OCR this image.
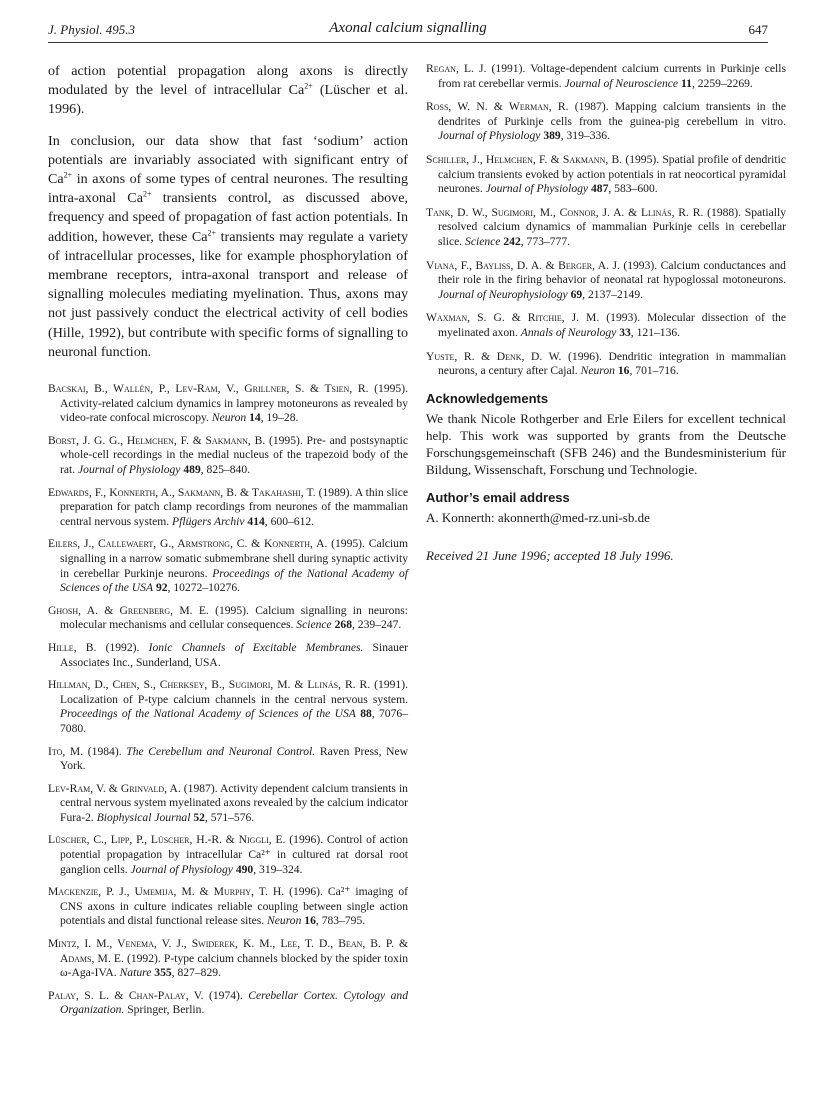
J. Physiol. 495.3	Axonal calcium signalling	647

of action potential propagation along axons is directly modulated by the level of intracellular $Ca^{2+}$ (Lüscher et al. 1996).

In conclusion, our data show that fast ‘sodium’ action potentials are invariably associated with significant entry of $Ca^{2+}$ in axons of some types of central neurones. The resulting intra-axonal $Ca^{2+}$ transients control, as discussed above, frequency and speed of propagation of fast action potentials. In addition, however, these $Ca^{2+}$ transients may regulate a variety of intracellular processes, like for example phosphorylation of membrane receptors, intra-axonal transport and release of signalling molecules mediating myelination. Thus, axons may not just passively conduct the electrical activity of cell bodies (Hille, 1992), but contribute with specific forms of signalling to neuronal function.

Bacskai, B., Wallén, P., Lev-Ram, V., Grillner, S. & Tsien, R. (1995). Activity-related calcium dynamics in lamprey motoneurons as revealed by video-rate confocal microscopy. Neuron 14, 19–28.

Borst, J. G. G., Helmchen, F. & Sakmann, B. (1995). Pre- and postsynaptic whole-cell recordings in the medial nucleus of the trapezoid body of the rat. Journal of Physiology 489, 825–840.

Edwards, F., Konnerth, A., Sakmann, B. & Takahashi, T. (1989). A thin slice preparation for patch clamp recordings from neurones of the mammalian central nervous system. Pflügers Archiv 414, 600–612.

Eilers, J., Callewaert, G., Armstrong, C. & Konnerth, A. (1995). Calcium signalling in a narrow somatic submembrane shell during synaptic activity in cerebellar Purkinje neurons. Proceedings of the National Academy of Sciences of the USA 92, 10272–10276.

Ghosh, A. & Greenberg, M. E. (1995). Calcium signalling in neurons: molecular mechanisms and cellular consequences. Science 268, 239–247.

Hille, B. (1992). Ionic Channels of Excitable Membranes. Sinauer Associates Inc., Sunderland, USA.

Hillman, D., Chen, S., Cherksey, B., Sugimori, M. & Llinás, R. R. (1991). Localization of P-type calcium channels in the central nervous system. Proceedings of the National Academy of Sciences of the USA 88, 7076–7080.

Ito, M. (1984). The Cerebellum and Neuronal Control. Raven Press, New York.

Lev-Ram, V. & Grinvald, A. (1987). Activity dependent calcium transients in central nervous system myelinated axons revealed by the calcium indicator Fura-2. Biophysical Journal 52, 571–576.

Lüscher, C., Lipp, P., Lüscher, H.-R. & Niggli, E. (1996). Control of action potential propagation by intracellular Ca²⁺ in cultured rat dorsal root ganglion cells. Journal of Physiology 490, 319–324.

Mackenzie, P. J., Umemija, M. & Murphy, T. H. (1996). Ca²⁺ imaging of CNS axons in culture indicates reliable coupling between single action potentials and distal functional release sites. Neuron 16, 783–795.

Mintz, I. M., Venema, V. J., Swiderek, K. M., Lee, T. D., Bean, B. P. & Adams, M. E. (1992). P-type calcium channels blocked by the spider toxin ω-Aga-IVA. Nature 355, 827–829.

Palay, S. L. & Chan-Palay, V. (1974). Cerebellar Cortex. Cytology and Organization. Springer, Berlin.

Regan, L. J. (1991). Voltage-dependent calcium currents in Purkinje cells from rat cerebellar vermis. Journal of Neuroscience 11, 2259–2269.

Ross, W. N. & Werman, R. (1987). Mapping calcium transients in the dendrites of Purkinje cells from the guinea-pig cerebellum in vitro. Journal of Physiology 389, 319–336.

Schiller, J., Helmchen, F. & Sakmann, B. (1995). Spatial profile of dendritic calcium transients evoked by action potentials in rat neocortical pyramidal neurones. Journal of Physiology 487, 583–600.

Tank, D. W., Sugimori, M., Connor, J. A. & Llinás, R. R. (1988). Spatially resolved calcium dynamics of mammalian Purkinje cells in cerebellar slice. Science 242, 773–777.

Viana, F., Bayliss, D. A. & Berger, A. J. (1993). Calcium conductances and their role in the firing behavior of neonatal rat hypoglossal motoneurons. Journal of Neurophysiology 69, 2137–2149.

Waxman, S. G. & Ritchie, J. M. (1993). Molecular dissection of the myelinated axon. Annals of Neurology 33, 121–136.

Yuste, R. & Denk, D. W. (1996). Dendritic integration in mammalian neurons, a century after Cajal. Neuron 16, 701–716.

Acknowledgements

We thank Nicole Rothgerber and Erle Eilers for excellent technical help. This work was supported by grants from the Deutsche Forschungsgemeinschaft (SFB 246) and the Bundesministerium für Bildung, Wissenschaft, Forschung und Technologie.

Author’s email address

A. Konnerth: akonnerth@med-rz.uni-sb.de

Received 21 June 1996; accepted 18 July 1996.
